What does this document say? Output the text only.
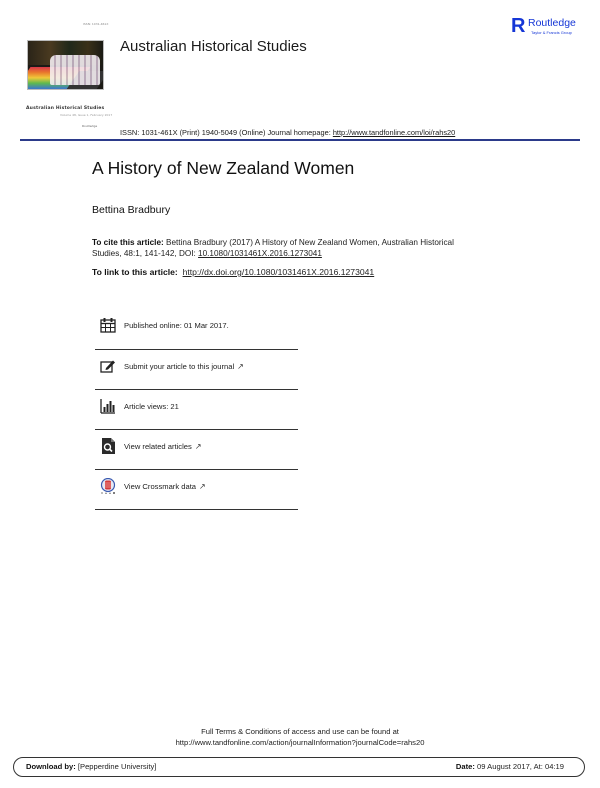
ISSN: 1031-461X
Australian Historical Studies
Volume 48, Issue 1, February 2017
Routledge
Australian Historical Studies
R Routledge
Taylor & Francis Group
ISSN: 1031-461X (Print) 1940-5049 (Online) Journal homepage: http://www.tandfonline.com/loi/rahs20
A History of New Zealand Women
Bettina Bradbury
To cite this article: Bettina Bradbury (2017) A History of New Zealand Women, Australian Historical Studies, 48:1, 141-142, DOI: 10.1080/1031461X.2016.1273041
To link to this article: http://dx.doi.org/10.1080/1031461X.2016.1273041
Published online: 01 Mar 2017.
Submit your article to this journal ↗
Article views: 21
View related articles ↗
View Crossmark data ↗
Full Terms & Conditions of access and use can be found at
http://www.tandfonline.com/action/journalInformation?journalCode=rahs20
Download by: [Pepperdine University]	Date: 09 August 2017, At: 04:19
